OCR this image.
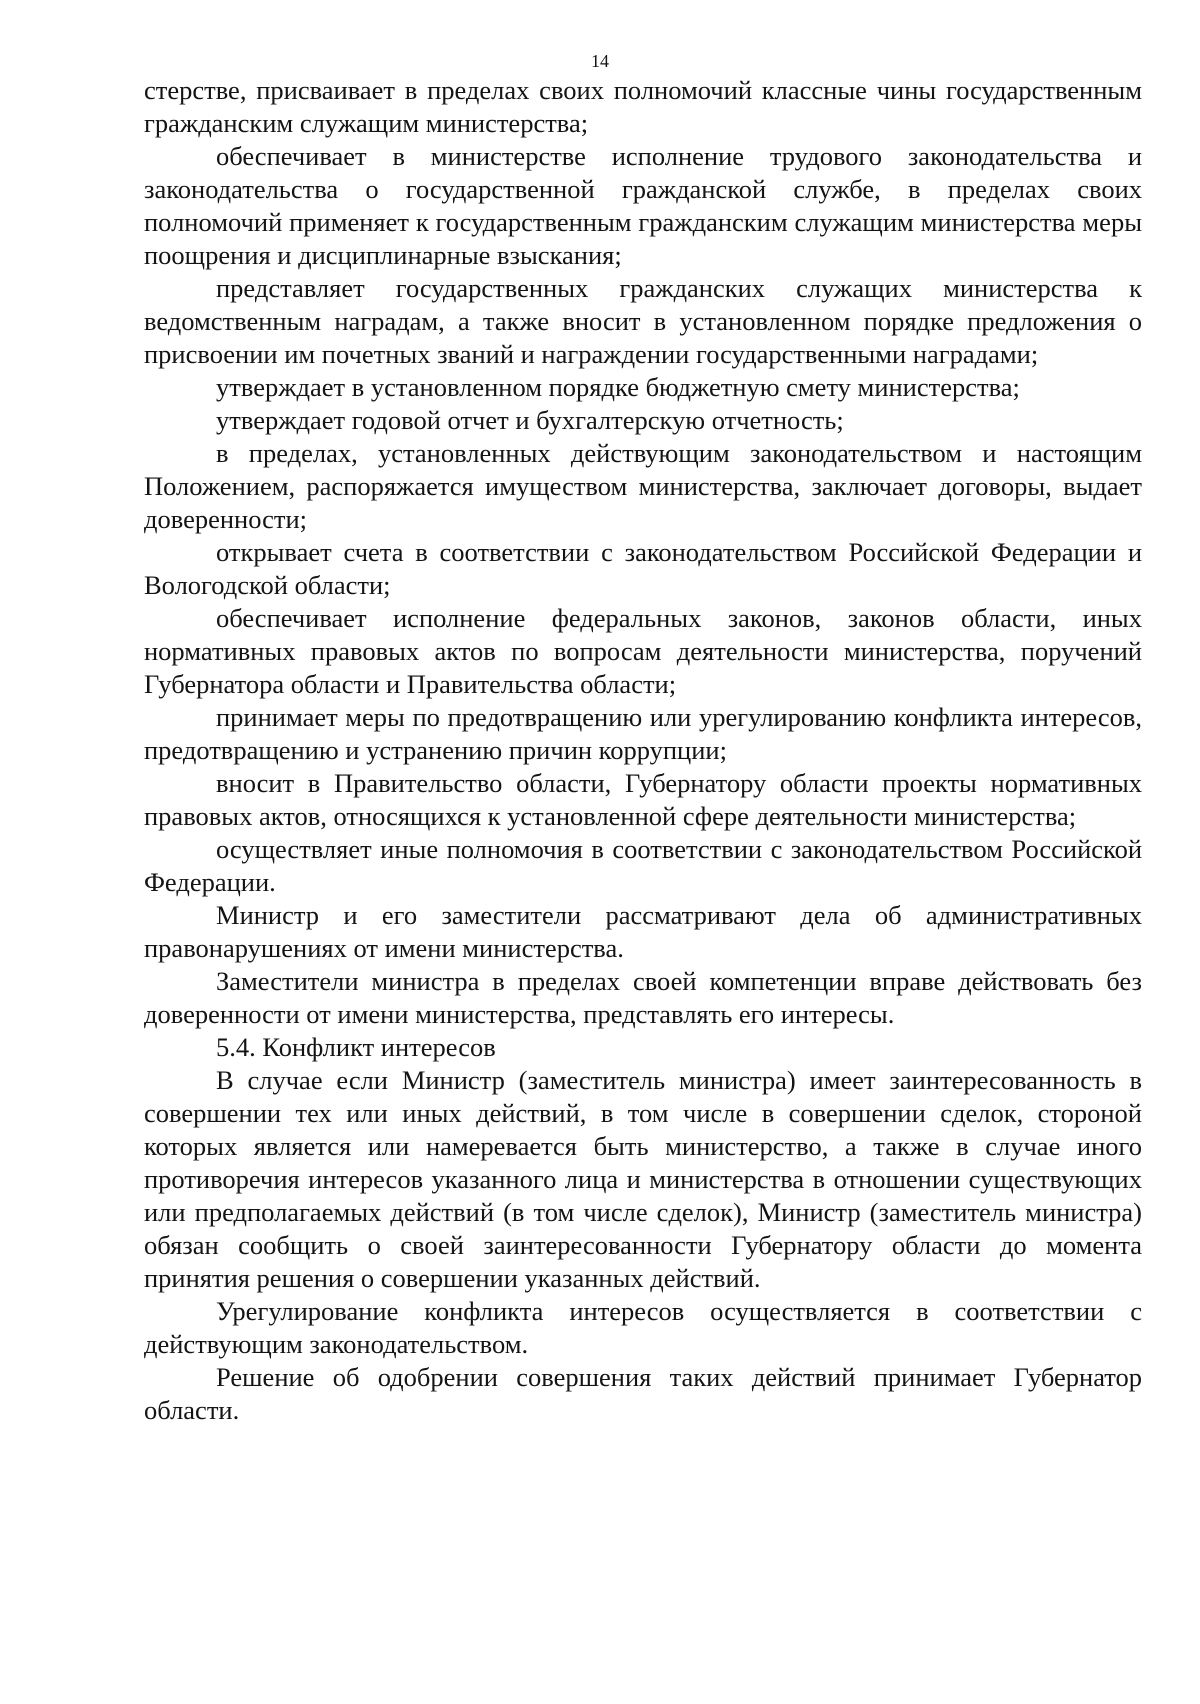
14

стерстве, присваивает в пределах своих полномочий классные чины государственным гражданским служащим министерства;

обеспечивает в министерстве исполнение трудового законодательства и законодательства о государственной гражданской службе, в пределах своих полномочий применяет к государственным гражданским служащим министерства меры поощрения и дисциплинарные взыскания;

представляет государственных гражданских служащих министерства к ведомственным наградам, а также вносит в установленном порядке предложения о присвоении им почетных званий и награждении государственными наградами;

утверждает в установленном порядке бюджетную смету министерства;

утверждает годовой отчет и бухгалтерскую отчетность;

в пределах, установленных действующим законодательством и настоящим Положением, распоряжается имуществом министерства, заключает договоры, выдает доверенности;

открывает счета в соответствии с законодательством Российской Федерации и Вологодской области;

обеспечивает исполнение федеральных законов, законов области, иных нормативных правовых актов по вопросам деятельности министерства, поручений Губернатора области и Правительства области;

принимает меры по предотвращению или урегулированию конфликта интересов, предотвращению и устранению причин коррупции;

вносит в Правительство области, Губернатору области проекты нормативных правовых актов, относящихся к установленной сфере деятельности министерства;

осуществляет иные полномочия в соответствии с законодательством Российской Федерации.

Министр и его заместители рассматривают дела об административных правонарушениях от имени министерства.

Заместители министра в пределах своей компетенции вправе действовать без доверенности от имени министерства, представлять его интересы.

5.4. Конфликт интересов

В случае если Министр (заместитель министра) имеет заинтересованность в совершении тех или иных действий, в том числе в совершении сделок, стороной которых является или намеревается быть министерство, а также в случае иного противоречия интересов указанного лица и министерства в отношении существующих или предполагаемых действий (в том числе сделок), Министр (заместитель министра) обязан сообщить о своей заинтересованности Губернатору области до момента принятия решения о совершении указанных действий.

Урегулирование конфликта интересов осуществляется в соответствии с действующим законодательством.

Решение об одобрении совершения таких действий принимает Губернатор области.
